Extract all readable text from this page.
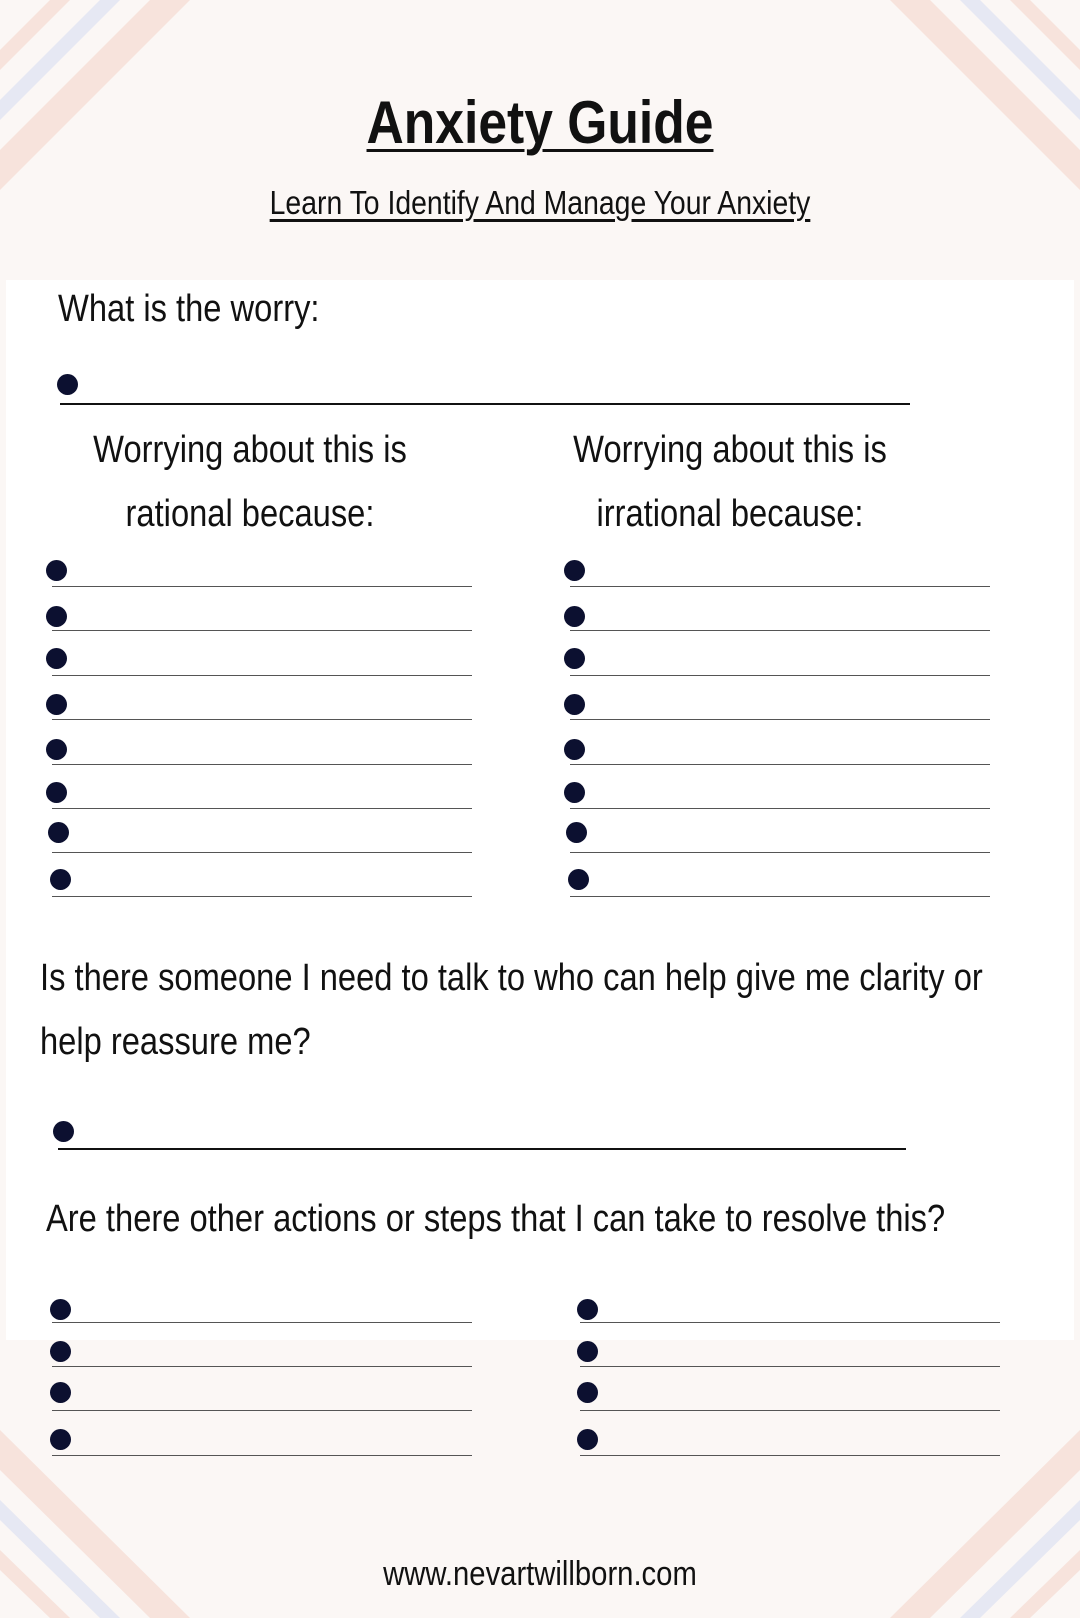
Anxiety Guide
Learn To Identify And Manage Your Anxiety
What is the worry:
Worrying about this is
rational because:
Worrying about this is
irrational because:
Is there someone I need to talk to who can help give me clarity or
help reassure me?
Are there other actions or steps that I can take to resolve this?
www.nevartwillborn.com
